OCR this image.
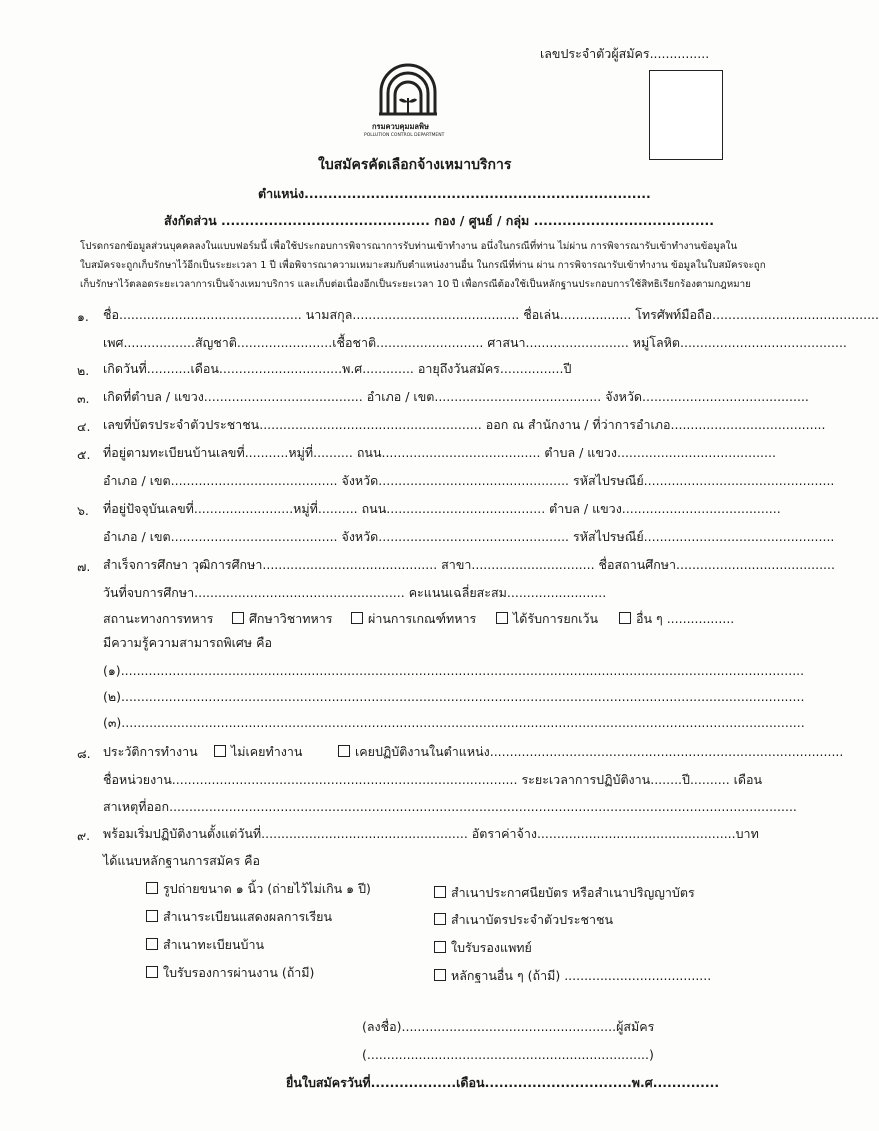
เลขประจำตัวผู้สมัคร...............
กรมควบคุมมลพิษ
POLLUTION CONTROL DEPARTMENT
ใบสมัครคัดเลือกจ้างเหมาบริการ
ตำแหน่ง.........................................................................
สังกัดส่วน ............................................ กอง / ศูนย์ / กลุ่ม ......................................
โปรดกรอกข้อมูลส่วนบุคคลลงในแบบฟอร์มนี้ เพื่อใช้ประกอบการพิจารณาการรับท่านเข้าทำงาน อนึ่งในกรณีที่ท่าน ไม่ผ่าน การพิจารณารับเข้าทำงานข้อมูลใน
ใบสมัครจะถูกเก็บรักษาไว้อีกเป็นระยะเวลา 1 ปี เพื่อพิจารณาความเหมาะสมกับตำแหน่งงานอื่น ในกรณีที่ท่าน ผ่าน การพิจารณารับเข้าทำงาน ข้อมูลในใบสมัครจะถูก
เก็บรักษาไว้ตลอดระยะเวลาการเป็นจ้างเหมาบริการ และเก็บต่อเนื่องอีกเป็นระยะเวลา 10 ปี เพื่อกรณีต้องใช้เป็นหลักฐานประกอบการใช้สิทธิเรียกร้องตามกฎหมาย
๑. ชื่อ.............................................. นามสกุล.......................................... ชื่อเล่น.................. โทรศัพท์มือถือ..........................................
เพศ..................สัญชาติ........................เชื้อชาติ........................... ศาสนา.......................... หมู่โลหิต..........................................
๒. เกิดวันที่...........เดือน...............................พ.ศ............. อายุถึงวันสมัคร................ปี
๓. เกิดที่ตำบล / แขวง........................................ อำเภอ / เขต.......................................... จังหวัด..........................................
๔. เลขที่บัตรประจำตัวประชาชน........................................................ ออก ณ สำนักงาน / ที่ว่าการอำเภอ.......................................
๕. ที่อยู่ตามทะเบียนบ้านเลขที่...........หมู่ที่.......... ถนน........................................ ตำบล / แขวง........................................
อำเภอ / เขต.......................................... จังหวัด................................................ รหัสไปรษณีย์................................................
๖. ที่อยู่ปัจจุบันเลขที่.........................หมู่ที่.......... ถนน........................................ ตำบล / แขวง........................................
อำเภอ / เขต.......................................... จังหวัด................................................ รหัสไปรษณีย์................................................
๗. สำเร็จการศึกษา วุฒิการศึกษา............................................ สาขา............................... ชื่อสถานศึกษา........................................
วันที่จบการศึกษา..................................................... คะแนนเฉลี่ยสะสม.........................
สถานะทางการทหาร	ศึกษาวิชาทหาร	ผ่านการเกณฑ์ทหาร	ได้รับการยกเว้น	อื่น ๆ .................
มีความรู้ความสามารถพิเศษ คือ
(๑)............................................................................................................................................................................
(๒)............................................................................................................................................................................
(๓)............................................................................................................................................................................
๘. ประวัติการทำงาน	ไม่เคยทำงาน	เคยปฏิบัติงานในตำแหน่ง.........................................................................................
ชื่อหน่วยงาน....................................................................................... ระยะเวลาการปฏิบัติงาน........ปี.......... เดือน
สาเหตุที่ออก..............................................................................................................................................................
๙. พร้อมเริ่มปฏิบัติงานตั้งแต่วันที่.................................................... อัตราค่าจ้าง..................................................บาท
ได้แนบหลักฐานการสมัคร คือ
รูปถ่ายขนาด ๑ นิ้ว (ถ่ายไว้ไม่เกิน ๑ ปี)
สำเนาระเบียนแสดงผลการเรียน
สำเนาทะเบียนบ้าน
ใบรับรองการผ่านงาน (ถ้ามี)
สำเนาประกาศนียบัตร หรือสำเนาปริญญาบัตร
สำเนาบัตรประจำตัวประชาชน
ใบรับรองแพทย์
หลักฐานอื่น ๆ (ถ้ามี) .....................................
(ลงชื่อ)......................................................ผู้สมัคร
(.......................................................................)
ยื่นใบสมัครวันที่..................เดือน...............................พ.ศ..............
